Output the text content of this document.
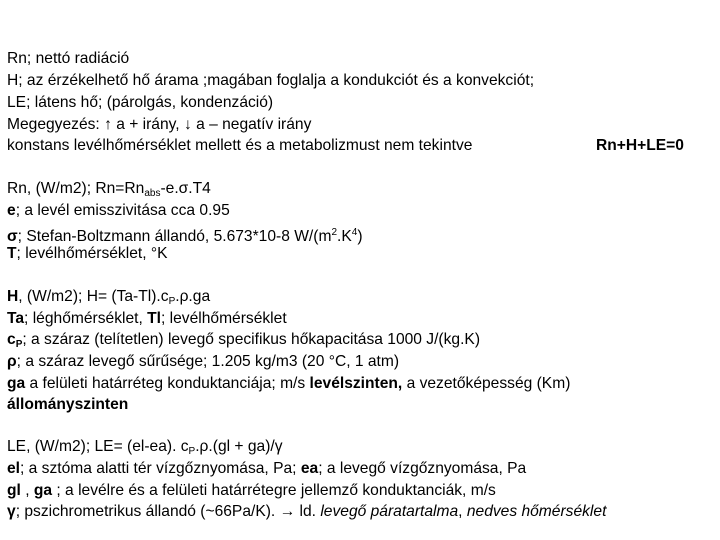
Rn; nettó radiáció
H; az érzékelhető hő árama ;magában foglalja a kondukciót és a konvekciót;
LE; látens hő; (párolgás, kondenzáció)
Megegyezés: ↑ a + irány, ↓ a – negatív irány
konstans levélhőmérséklet mellett és a metabolizmust nem tekintve	Rn+H+LE=0
Rn, (W/m2); $Rn=Rn_{abs}-e.\sigma.T4$
e; a levél emisszivitása cca 0.95
σ; Stefan-Boltzmann állandó, 5.673*10-8 $W/(m^2.K^4)$
T; levélhőmérséklet, °K
H, (W/m2); $H= (Ta-Tl).c_P.\rho.ga$
Ta; léghőmérséklet, Tl; levélhőmérséklet
$c_P$; a száraz (telítetlen) levegő specifikus hőkapacitása 1000 J/(kg.K)
ρ; a száraz levegő sűrűsége; 1.205 kg/m3 (20 °C, 1 atm)
ga a felületi határréteg konduktanciája; m/s levélszinten, a vezetőképesség (Km)
állományszinten
LE, (W/m2); LE= (el-ea). $c_P.\rho.(gl + ga)/\gamma$
el; a sztóma alatti tér vízgőznyomása, Pa; ea; a levegő vízgőznyomása, Pa
gl , ga ; a levélre és a felületi határrétegre jellemző konduktanciák, m/s
γ; pszichrometrikus állandó (~66Pa/K). → ld. levegő páratartalma, nedves hőmérséklet
